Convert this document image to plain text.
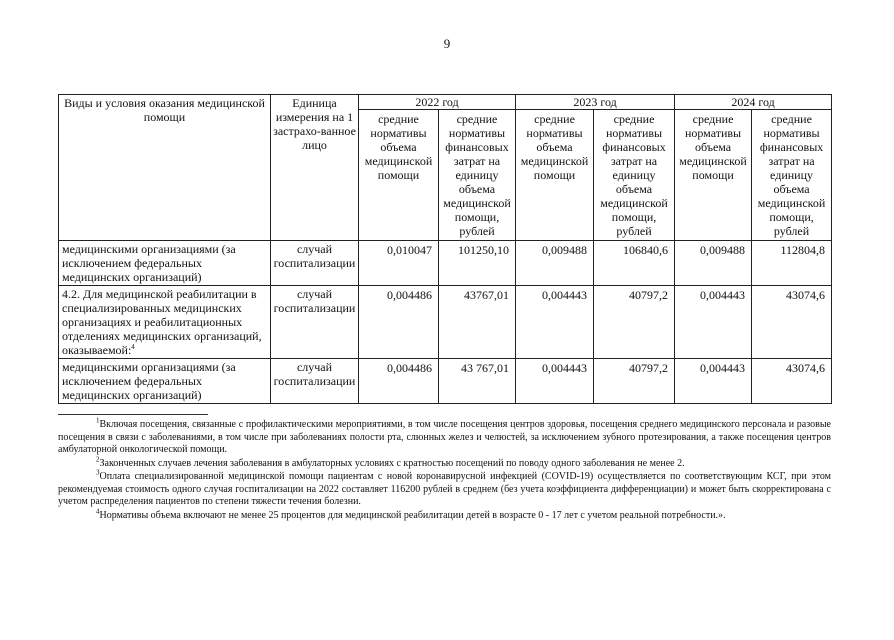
9
Виды и условия оказания медицинской помощи	Единица измерения на 1 застрахо-ванное лицо	2022 год		2023 год		2024 год	
		средние нормативы объема медицинской помощи	средние нормативы финансовых затрат на единицу объема медицинской помощи, рублей	средние нормативы объема медицинской помощи	средние нормативы финансовых затрат на единицу объема медицинской помощи, рублей	средние нормативы объема медицинской помощи	средние нормативы финансовых затрат на единицу объема медицинской помощи, рублей
медицинскими организациями (за исключением федеральных медицинских организаций)	случай госпитализации	0,010047	101250,10	0,009488	106840,6	0,009488	112804,8
4.2. Для медицинской реабилитации в специализированных медицинских организациях и реабилитационных отделениях медицинских организаций, оказываемой:$^4$	случай госпитализации	0,004486	43767,01	0,004443	40797,2	0,004443	43074,6
медицинскими организациями (за исключением федеральных медицинских организаций)	случай госпитализации	0,004486	43 767,01	0,004443	40797,2	0,004443	43074,6

$^1$Включая посещения, связанные с профилактическими мероприятиями, в том числе посещения центров здоровья, посещения среднего медицинского персонала и разовые посещения в связи с заболеваниями, в том числе при заболеваниях полости рта, слюнных желез и челюстей, за исключением зубного протезирования, а также посещения центров амбулаторной онкологической помощи.

$^2$Законченных случаев лечения заболевания в амбулаторных условиях с кратностью посещений по поводу одного заболевания не менее 2.

$^3$Оплата специализированной медицинской помощи пациентам с новой коронавирусной инфекцией (COVID-19) осуществляется по соответствующим КСГ, при этом рекомендуемая стоимость одного случая госпитализации на 2022 составляет 116200 рублей в среднем (без учета коэффициента дифференциации) и может быть скорректирована с учетом распределения пациентов по степени тяжести течения болезни.

$^4$Нормативы объема включают не менее 25 процентов для медицинской реабилитации детей в возрасте 0 - 17 лет с учетом реальной потребности.».
